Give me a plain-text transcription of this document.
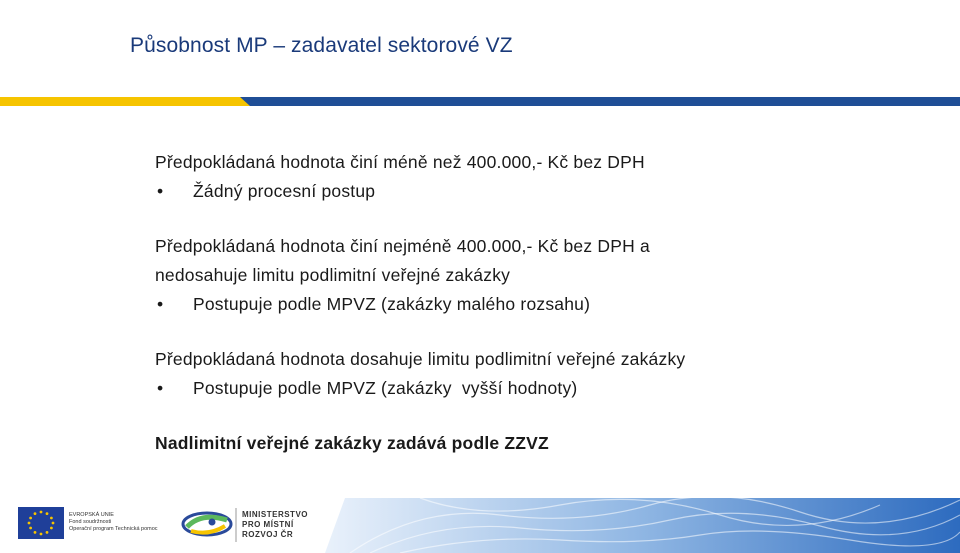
Působnost MP – zadavatel sektorové VZ

Předpokládaná hodnota činí méně než 400.000,- Kč bez DPH

•	Žádný procesní postup

Předpokládaná hodnota činí nejméně 400.000,- Kč bez DPH a

nedosahuje limitu podlimitní veřejné zakázky

•	Postupuje podle MPVZ (zakázky malého rozsahu)

Předpokládaná hodnota dosahuje limitu podlimitní veřejné zakázky

•	Postupuje podle MPVZ (zakázky  vyšší hodnoty)

Nadlimitní veřejné zakázky zadává podle ZZVZ

EVROPSKÁ UNIE
Fond soudržnosti
Operační program Technická pomoc
MINISTERSTVO
PRO MÍSTNÍ
ROZVOJ ČR
